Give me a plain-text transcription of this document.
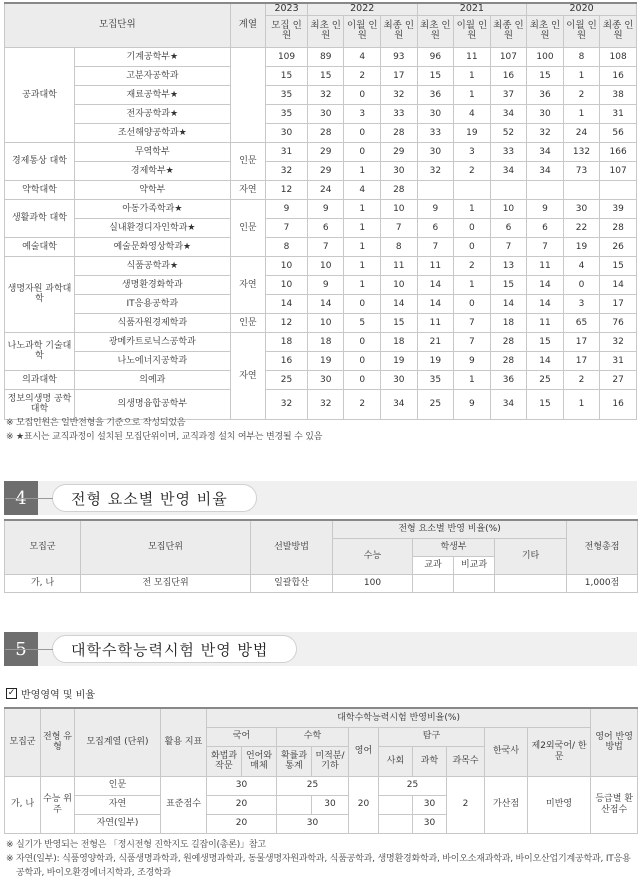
모집단위		계열	2023	2022			2021			2020		
			모집 인원	최초 인원	이월 인원	최종 인원	최초 인원	이월 인원	최종 인원	최초 인원	이월 인원	최종 인원
공과대학	기계공학부★		109	89	4	93	96	11	107	100	8	108
	고분자공학과		15	15	2	17	15	1	16	15	1	16
	재료공학부★		35	32	0	32	36	1	37	36	2	38
	전자공학과★		35	30	3	33	30	4	34	30	1	31
	조선해양공학과★		30	28	0	28	33	19	52	32	24	56
경제통상 대학	무역학부	인문	31	29	0	29	30	3	33	34	132	166
	경제학부★		32	29	1	30	32	2	34	34	73	107
약학대학	약학부	자연	12	24	4	28						
생활과학 대학	아동가족학과★	인문	9	9	1	10	9	1	10	9	30	39
	실내환경디자인학과★		7	6	1	7	6	0	6	6	22	28
예술대학	예술문화영상학과★		8	7	1	8	7	0	7	7	19	26
생명자원 과학대학	식품공학과★	자연	10	10	1	11	11	2	13	11	4	15
	생명환경화학과		10	9	1	10	14	1	15	14	0	14
	IT응용공학과		14	14	0	14	14	0	14	14	3	17
	식품자원경제학과	인문	12	10	5	15	11	7	18	11	65	76
나노과학 기술대학	광메카트로닉스공학과	자연	18	18	0	18	21	7	28	15	17	32
	나노에너지공학과		16	19	0	19	19	9	28	14	17	31
의과대학	의예과		25	30	0	30	35	1	36	25	2	27
정보의생명 공학대학	의생명융합공학부		32	32	2	34	25	9	34	15	1	16
※ 모집인원은 일반전형을 기준으로 작성되었음
※ ★표시는 교직과정이 설치된 모집단위이며, 교직과정 설치 여부는 변경될 수 있음
전형 요소별 반영 비율
모집군	모집단위	선발방법	전형 요소별 반영 비율(%)				전형총점
			수능	학생부		기타	
				교과	비교과		
가, 나	전 모집단위	일괄합산	100				1,000점
대학수학능력시험 반영 방법
✓ 반영영역 및 비율
모집군	전형 유형	모집계열 (단위)	활용 지표	대학수학능력시험 반영비율(%)										영어 반영 방법
				국어		수학		영어	탐구			한국사	제2외국어/ 한문	
				화법과 작문	언어와 매체	확률과 통계	미적분/ 기하		사회	과학	과목수			
가, 나	수능 위주	인문	표준점수	30		25		20	25		2	가산점	미반영	등급별 환산점수
		자연		20			30			30				
		자연(일부)		20		30				30				
※ 실기가 반영되는 전형은 「정시전형 진학지도 길잡이(총론)」참고
※ 자연(일부): 식품영양학과, 식품생명과학과, 원예생명과학과, 동물생명자원과학과, 식품공학과, 생명환경화학과, 바이오소재과학과, 바이오산업기계공학과, IT응용
공학과, 바이오환경에너지학과, 조경학과
